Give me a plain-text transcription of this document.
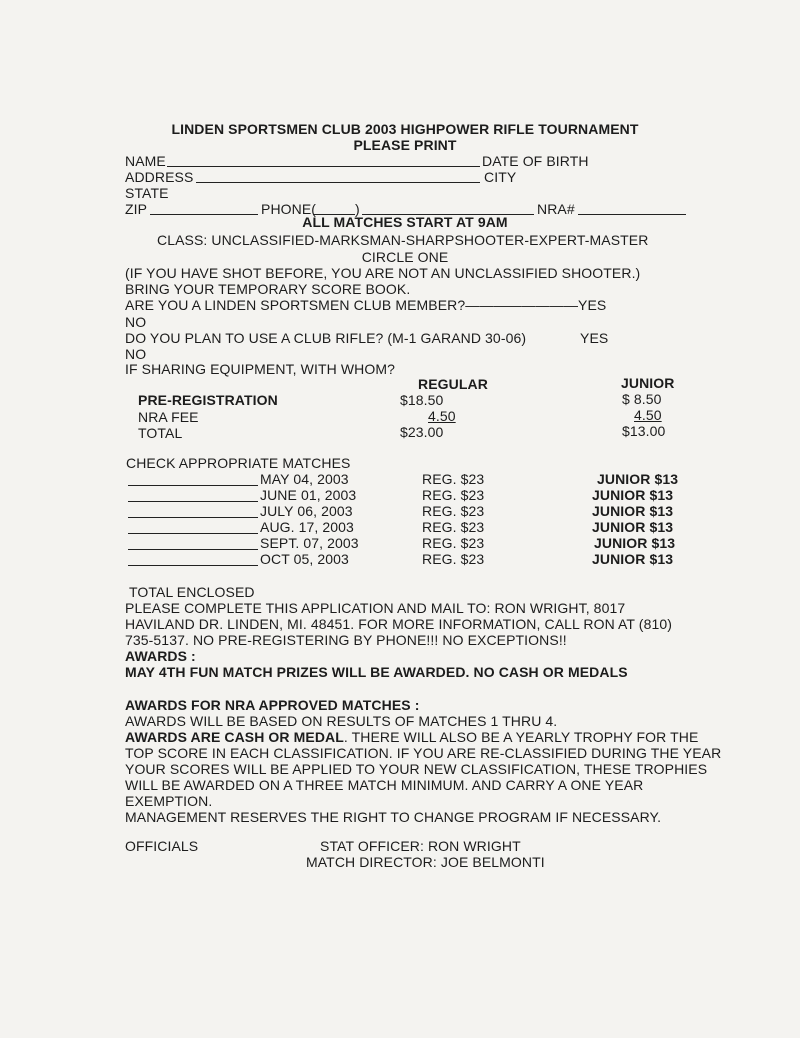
LINDEN SPORTSMEN CLUB 2003 HIGHPOWER RIFLE TOURNAMENT
PLEASE PRINT
NAME	DATE OF BIRTH
ADDRESS	CITY
STATE
ZIP	PHONE(	)	NRA#
ALL MATCHES START AT 9AM
CLASS: UNCLASSIFIED-MARKSMAN-SHARPSHOOTER-EXPERT-MASTER
CIRCLE ONE
(IF YOU HAVE SHOT BEFORE, YOU ARE NOT AN UNCLASSIFIED SHOOTER.)
BRING YOUR TEMPORARY SCORE BOOK.
ARE YOU A LINDEN SPORTSMEN CLUB MEMBER?————————YES
NO
DO YOU PLAN TO USE A CLUB RIFLE? (M-1 GARAND 30-06)	YES
NO
IF SHARING EQUIPMENT, WITH WHOM?
REGULAR	JUNIOR
PRE-REGISTRATION	$18.50	$ 8.50
NRA FEE	4.50	4.50
TOTAL	$23.00	$13.00
CHECK APPROPRIATE MATCHES
MAY 04, 2003	REG. $23	JUNIOR $13
JUNE 01, 2003	REG. $23	JUNIOR $13
JULY 06, 2003	REG. $23	JUNIOR $13
AUG. 17, 2003	REG. $23	JUNIOR $13
SEPT. 07, 2003	REG. $23	JUNIOR $13
OCT 05, 2003	REG. $23	JUNIOR $13
TOTAL ENCLOSED
PLEASE COMPLETE THIS APPLICATION AND MAIL TO: RON WRIGHT, 8017
HAVILAND DR. LINDEN, MI. 48451. FOR MORE INFORMATION, CALL RON AT (810)
735-5137. NO PRE-REGISTERING BY PHONE!!! NO EXCEPTIONS!!
AWARDS :
MAY 4TH FUN MATCH PRIZES WILL BE AWARDED. NO CASH OR MEDALS
AWARDS FOR NRA APPROVED MATCHES :
AWARDS WILL BE BASED ON RESULTS OF MATCHES 1 THRU 4.
AWARDS ARE CASH OR MEDAL. THERE WILL ALSO BE A YEARLY TROPHY FOR THE
TOP SCORE IN EACH CLASSIFICATION. IF YOU ARE RE-CLASSIFIED DURING THE YEAR
YOUR SCORES WILL BE APPLIED TO YOUR NEW CLASSIFICATION, THESE TROPHIES
WILL BE AWARDED ON A THREE MATCH MINIMUM. AND CARRY A ONE YEAR
EXEMPTION.
MANAGEMENT RESERVES THE RIGHT TO CHANGE PROGRAM IF NECESSARY.
OFFICIALS	STAT OFFICER: RON WRIGHT
MATCH DIRECTOR: JOE BELMONTI
